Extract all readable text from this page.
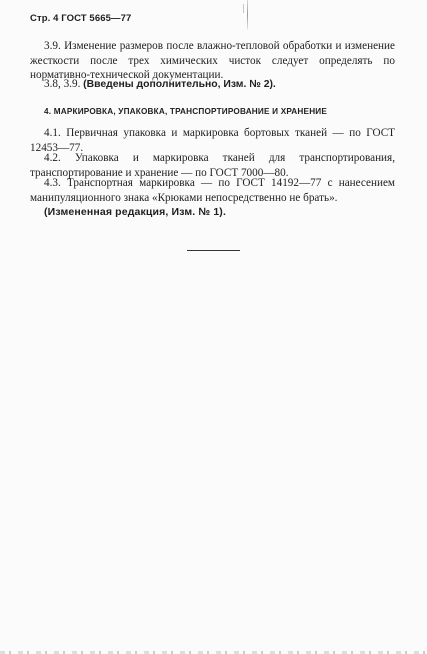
Стр. 4 ГОСТ 5665—77
3.9. Изменение размеров после влажно-тепловой обработки и изменение жесткости после трех химических чисток следует определять по нормативно-технической документации.
3.8, 3.9. (Введены дополнительно, Изм. № 2).
4. МАРКИРОВКА, УПАКОВКА, ТРАНСПОРТИРОВАНИЕ И ХРАНЕНИЕ
4.1. Первичная упаковка и маркировка бортовых тканей — по ГОСТ 12453—77.
4.2. Упаковка и маркировка тканей для транспортирования, транспортирование и хранение — по ГОСТ 7000—80.
4.3. Транспортная маркировка — по ГОСТ 14192—77 с нанесением манипуляционного знака «Крюками непосредственно не брать».
(Измененная редакция, Изм. № 1).
